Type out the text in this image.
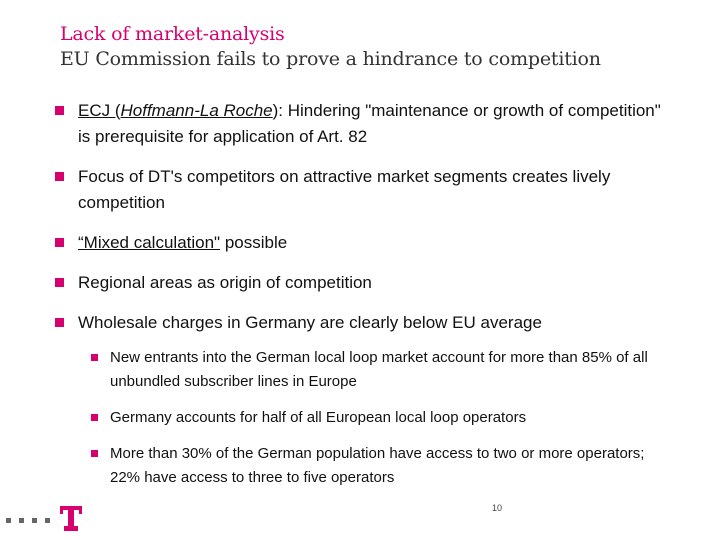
Lack of market-analysis
EU Commission fails to prove a hindrance to competition
ECJ (Hoffmann-La Roche): Hindering "maintenance or growth of competition" is prerequisite for application of Art. 82
Focus of DT's competitors on attractive market segments creates lively competition
“Mixed calculation" possible
Regional areas as origin of competition
Wholesale charges in Germany are clearly below EU average
New entrants into the German local loop market account for more than 85% of all unbundled subscriber lines in Europe
Germany accounts for half of all European local loop operators
More than 30% of the German population have access to two or more operators; 22% have access to three to five operators
10
